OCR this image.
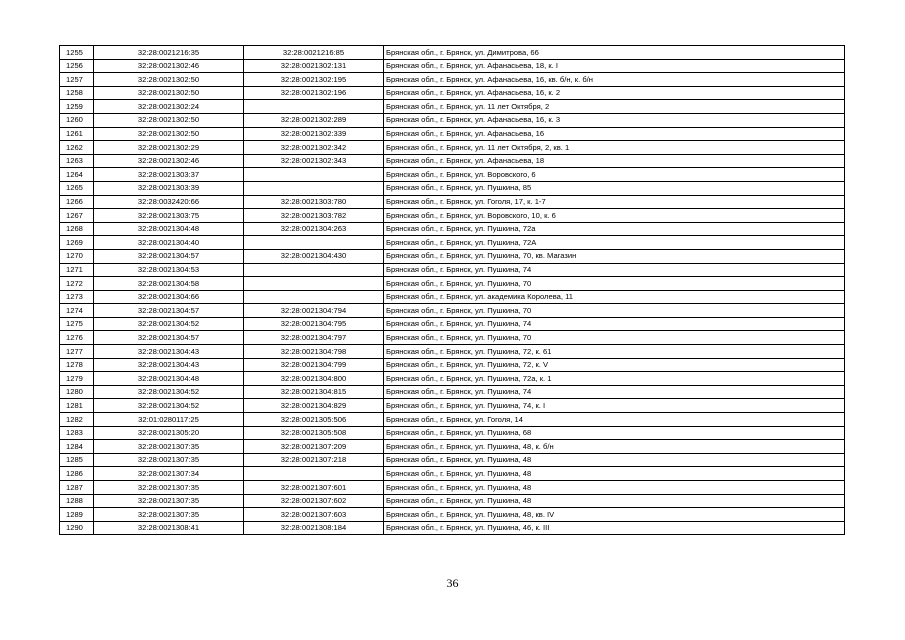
1255	32:28:0021216:35	32:28:0021216:85	Брянская обл., г. Брянск, ул. Димитрова, 66
1256	32:28:0021302:46	32:28:0021302:131	Брянская обл., г. Брянск, ул. Афанасьева, 18, к. I
1257	32:28:0021302:50	32:28:0021302:195	Брянская обл., г. Брянск, ул. Афанасьева, 16, кв. б/н, к. б/н
1258	32:28:0021302:50	32:28:0021302:196	Брянская обл., г. Брянск, ул. Афанасьева, 16, к. 2
1259	32:28:0021302:24		Брянская обл., г. Брянск, ул. 11 лет Октября, 2
1260	32:28:0021302:50	32:28:0021302:289	Брянская обл., г. Брянск, ул. Афанасьева, 16, к. 3
1261	32:28:0021302:50	32:28:0021302:339	Брянская обл., г. Брянск, ул. Афанасьева, 16
1262	32:28:0021302:29	32:28:0021302:342	Брянская обл., г. Брянск, ул. 11 лет Октября, 2, кв. 1
1263	32:28:0021302:46	32:28:0021302:343	Брянская обл., г. Брянск, ул. Афанасьева, 18
1264	32:28:0021303:37		Брянская обл., г. Брянск, ул. Воровского, 6
1265	32:28:0021303:39		Брянская обл., г. Брянск, ул. Пушкина, 85
1266	32:28:0032420:66	32:28:0021303:780	Брянская обл., г. Брянск, ул. Гоголя, 17, к. 1-7
1267	32:28:0021303:75	32:28:0021303:782	Брянская обл., г. Брянск, ул. Воровского, 10, к. 6
1268	32:28:0021304:48	32:28:0021304:263	Брянская обл., г. Брянск, ул. Пушкина, 72а
1269	32:28:0021304:40		Брянская обл., г. Брянск, ул. Пушкина, 72А
1270	32:28:0021304:57	32:28:0021304:430	Брянская обл., г. Брянск, ул. Пушкина, 70, кв. Магазин
1271	32:28:0021304:53		Брянская обл., г. Брянск, ул. Пушкина, 74
1272	32:28:0021304:58		Брянская обл., г. Брянск, ул. Пушкина, 70
1273	32:28:0021304:66		Брянская обл., г. Брянск, ул. академика Королева, 11
1274	32:28:0021304:57	32:28:0021304:794	Брянская обл., г. Брянск, ул. Пушкина, 70
1275	32:28:0021304:52	32:28:0021304:795	Брянская обл., г. Брянск, ул. Пушкина, 74
1276	32:28:0021304:57	32:28:0021304:797	Брянская обл., г. Брянск, ул. Пушкина, 70
1277	32:28:0021304:43	32:28:0021304:798	Брянская обл., г. Брянск, ул. Пушкина, 72, к. 61
1278	32:28:0021304:43	32:28:0021304:799	Брянская обл., г. Брянск, ул. Пушкина, 72, к. V
1279	32:28:0021304:48	32:28:0021304:800	Брянская обл., г. Брянск, ул. Пушкина, 72а, к. 1
1280	32:28:0021304:52	32:28:0021304:815	Брянская обл., г. Брянск, ул. Пушкина, 74
1281	32:28:0021304:52	32:28:0021304:829	Брянская обл., г. Брянск, ул. Пушкина, 74, к. I
1282	32:01:0280117:25	32:28:0021305:506	Брянская обл., г. Брянск, ул. Гоголя, 14
1283	32:28:0021305:20	32:28:0021305:508	Брянская обл., г. Брянск, ул. Пушкина, 68
1284	32:28:0021307:35	32:28:0021307:209	Брянская обл., г. Брянск, ул. Пушкина, 48, к. б/н
1285	32:28:0021307:35	32:28:0021307:218	Брянская обл., г. Брянск, ул. Пушкина, 48
1286	32:28:0021307:34		Брянская обл., г. Брянск, ул. Пушкина, 48
1287	32:28:0021307:35	32:28:0021307:601	Брянская обл., г. Брянск, ул. Пушкина, 48
1288	32:28:0021307:35	32:28:0021307:602	Брянская обл., г. Брянск, ул. Пушкина, 48
1289	32:28:0021307:35	32:28:0021307:603	Брянская обл., г. Брянск, ул. Пушкина, 48, кв. IV
1290	32:28:0021308:41	32:28:0021308:184	Брянская обл., г. Брянск, ул. Пушкина, 46, к. III
36
